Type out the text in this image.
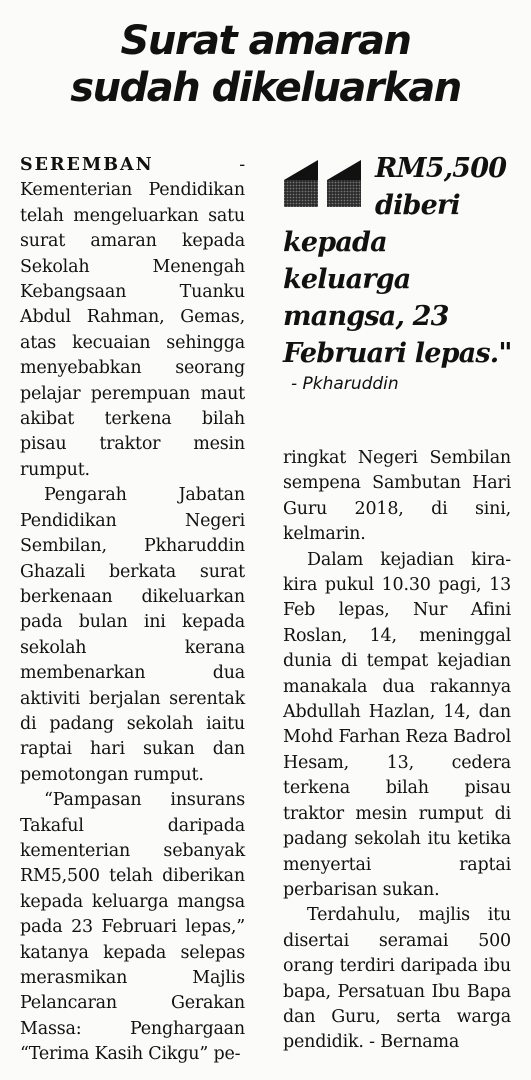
Surat amaran
sudah dikeluarkan

SEREMBAN - Kementerian Pendidikan telah mengeluarkan satu surat amaran kepada Sekolah Menengah Kebangsaan Tuanku Abdul Rahman, Gemas, atas kecuaian sehingga menyebabkan seorang pelajar perempuan maut akibat terkena bilah pisau traktor mesin rumput.

Pengarah Jabatan Pendidikan Negeri Sembilan, Pkharuddin Ghazali berkata surat berkenaan dikeluarkan pada bulan ini kepada sekolah kerana membenarkan dua aktiviti berjalan serentak di padang sekolah iaitu raptai hari sukan dan pemotongan rumput.

“Pampasan insurans Takaful daripada kementerian sebanyak RM5,500 telah diberikan kepada keluarga mangsa pada 23 Februari lepas,” katanya kepada selepas merasmikan Majlis Pelancaran Gerakan Massa: Penghargaan “Terima Kasih Cikgu” pe-

RM5,500
diberi
kepada keluarga mangsa, 23 Februari lepas."

- Pkharuddin

ringkat Negeri Sembilan sempena Sambutan Hari Guru 2018, di sini, kelmarin.

Dalam kejadian kira-kira pukul 10.30 pagi, 13 Feb lepas, Nur Afini Roslan, 14, meninggal dunia di tempat kejadian manakala dua rakannya Abdullah Hazlan, 14, dan Mohd Farhan Reza Badrol Hesam, 13, cedera terkena bilah pisau traktor mesin rumput di padang sekolah itu ketika menyertai raptai perbarisan sukan.

Terdahulu, majlis itu disertai seramai 500 orang terdiri daripada ibu bapa, Persatuan Ibu Bapa dan Guru, serta warga pendidik. - Bernama
